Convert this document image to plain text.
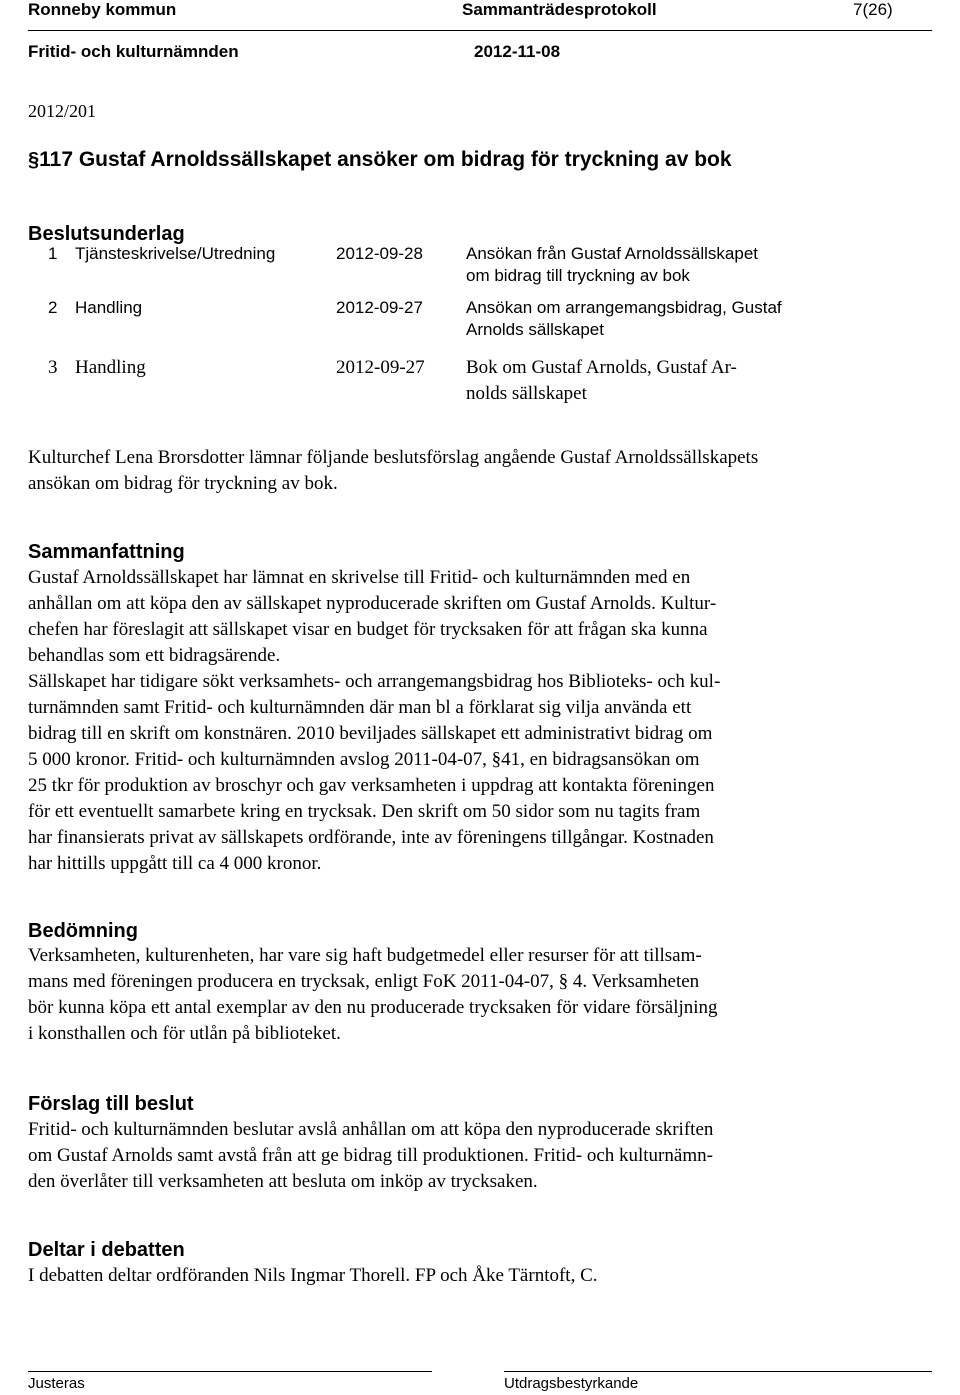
Ronneby kommun	Sammanträdesprotokoll	7(26)
Fritid- och kulturnämnden	2012-11-08
2012/201
§117 Gustaf Arnoldssällskapet ansöker om bidrag för tryckning av bok
Beslutsunderlag
1 Tjänsteskrivelse/Utredning	2012-09-28	Ansökan från Gustaf Arnoldssällskapet
om bidrag till tryckning av bok
2 Handling	2012-09-27	Ansökan om arrangemangsbidrag, Gustaf
Arnolds sällskapet
3 Handling	2012-09-27 Bok om Gustaf Arnolds, Gustaf Ar-
nolds sällskapet
Kulturchef Lena Brorsdotter lämnar följande beslutsförslag angående Gustaf Arnoldssällskapets
ansökan om bidrag för tryckning av bok.
Sammanfattning
Gustaf Arnoldssällskapet har lämnat en skrivelse till Fritid- och kulturnämnden med en
anhållan om att köpa den av sällskapet nyproducerade skriften om Gustaf Arnolds. Kultur-
chefen har föreslagit att sällskapet visar en budget för trycksaken för att frågan ska kunna
behandlas som ett bidragsärende.
Sällskapet har tidigare sökt verksamhets- och arrangemangsbidrag hos Biblioteks- och kul-
turnämnden samt Fritid- och kulturnämnden där man bl a förklarat sig vilja använda ett
bidrag till en skrift om konstnären. 2010 beviljades sällskapet ett administrativt bidrag om
5 000 kronor. Fritid- och kulturnämnden avslog 2011-04-07, §41, en bidragsansökan om
25 tkr för produktion av broschyr och gav verksamheten i uppdrag att kontakta föreningen
för ett eventuellt samarbete kring en trycksak. Den skrift om 50 sidor som nu tagits fram
har finansierats privat av sällskapets ordförande, inte av föreningens tillgångar. Kostnaden
har hittills uppgått till ca 4 000 kronor.
Bedömning
Verksamheten, kulturenheten, har vare sig haft budgetmedel eller resurser för att tillsam-
mans med föreningen producera en trycksak, enligt FoK 2011-04-07, § 4. Verksamheten
bör kunna köpa ett antal exemplar av den nu producerade trycksaken för vidare försäljning
i konsthallen och för utlån på biblioteket.
Förslag till beslut
Fritid- och kulturnämnden beslutar avslå anhållan om att köpa den nyproducerade skriften
om Gustaf Arnolds samt avstå från att ge bidrag till produktionen. Fritid- och kulturnämn-
den överlåter till verksamheten att besluta om inköp av trycksaken.
Deltar i debatten
I debatten deltar ordföranden Nils Ingmar Thorell. FP och Åke Tärntoft, C.
Justeras	Utdragsbestyrkande
